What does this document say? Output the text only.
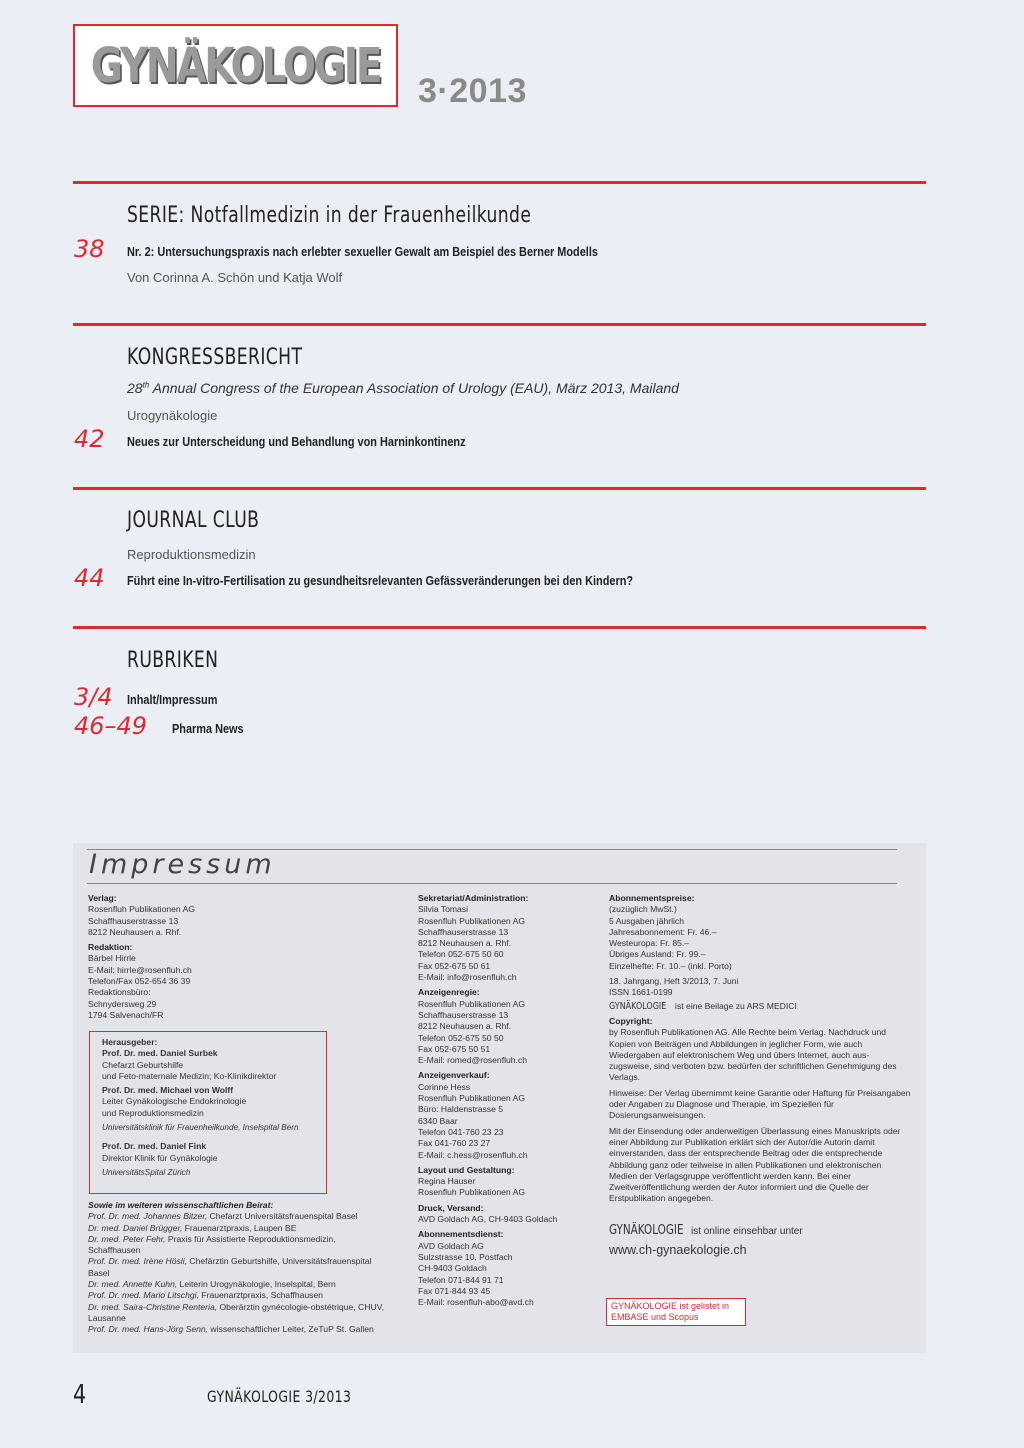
GYNÄKOLOGIE 3·2013
SERIE: Notfallmedizin in der Frauenheilkunde
38 Nr. 2: Untersuchungspraxis nach erlebter sexueller Gewalt am Beispiel des Berner Modells
Von Corinna A. Schön und Katja Wolf
KONGRESSBERICHT
28th Annual Congress of the European Association of Urology (EAU), März 2013, Mailand
Urogynäkologie
42 Neues zur Unterscheidung und Behandlung von Harninkontinenz
JOURNAL CLUB
Reproduktionsmedizin
44 Führt eine In-vitro-Fertilisation zu gesundheitsrelevanten Gefässveränderungen bei den Kindern?
RUBRIKEN
3/4 Inhalt/Impressum
46–49 Pharma News
Impressum
Verlag:
Rosenfluh Publikationen AG
Schaffhauserstrasse 13
8212 Neuhausen a. Rhf.
Redaktion:
Bärbel Hirrle
E-Mail: hirrle@rosenfluh.ch
Telefon/Fax 052-654 36 39
Redaktionsbüro:
Schnydersweg 29
1794 Salvenach/FR
Herausgeber:
Prof. Dr. med. Daniel Surbek
Chefarzt Geburtshilfe
und Feto-maternale Medizin; Ko-Klinikdirektor
Prof. Dr. med. Michael von Wolff
Leiter Gynäkologische Endokrinologie
und Reproduktionsmedizin
Universitätsklinik für Frauenheilkunde, Inselspital Bern
Prof. Dr. med. Daniel Fink
Direktor Klinik für Gynäkologie
UniversitätsSpital Zürich
Sowie im weiteren wissenschaftlichen Beirat:
Prof. Dr. med. Johannes Bitzer, Chefarzt Universitätsfrauenspital Basel
Dr. med. Daniel Brügger, Frauenarztpraxis, Laupen BE
Dr. med. Peter Fehr, Praxis für Assistierte Reproduktionsmedizin, Schaffhausen
Prof. Dr. med. Irène Hösli, Chefärztin Geburtshilfe, Universitätsfrauenspital Basel
Dr. med. Annette Kuhn, Leiterin Urogynäkologie, Inselspital, Bern
Prof. Dr. med. Mario Litschgi, Frauenarztpraxis, Schaffhausen
Dr. med. Saira-Christine Renteria, Oberärztin gynécologie-obstétrique, CHUV, Lausanne
Prof. Dr. med. Hans-Jörg Senn, wissenschaftlicher Leiter, ZeTuP St. Gallen
Sekretariat/Administration:
Silvia Tomasi
Rosenfluh Publikationen AG
Schaffhauserstrasse 13
8212 Neuhausen a. Rhf.
Telefon 052-675 50 60
Fax 052-675 50 61
E-Mail: info@rosenfluh.ch
Anzeigenregie:
Rosenfluh Publikationen AG
Schaffhauserstrasse 13
8212 Neuhausen a. Rhf.
Telefon 052-675 50 50
Fax 052-675 50 51
E-Mail: romed@rosenfluh.ch
Anzeigenverkauf:
Corinne Hess
Rosenfluh Publikationen AG
Büro: Haldenstrasse 5
6340 Baar
Telefon 041-760 23 23
Fax 041-760 23 27
E-Mail: c.hess@rosenfluh.ch
Layout und Gestaltung:
Regina Hauser
Rosenfluh Publikationen AG
Druck, Versand:
AVD Goldach AG, CH-9403 Goldach
Abonnementsdienst:
AVD Goldach AG
Sulzstrasse 10, Postfach
CH-9403 Goldach
Telefon 071-844 91 71
Fax 071-844 93 45
E-Mail: rosenfluh-abo@avd.ch
Abonnementspreise:
(zuzüglich MwSt.)
5 Ausgaben jährlich
Jahresabonnement: Fr. 46.–
Westeuropa: Fr. 85.–
Übriges Ausland: Fr. 99.–
Einzelhefte: Fr. 10.– (inkl. Porto)
18. Jahrgang, Heft 3/2013, 7. Juni
ISSN 1661-0199
GYNÄKOLOGIE ist eine Beilage zu ARS MEDICI
Copyright:
by Rosenfluh Publikationen AG. Alle Rechte beim Verlag. Nachdruck und Kopien von Beiträgen und Abbildungen in jeglicher Form, wie auch Wiedergaben auf elektronischem Weg und übers Internet, auch aus-zugsweise, sind verboten bzw. bedürfen der schriftlichen Genehmigung des Verlags.
Hinweise: Der Verlag übernimmt keine Garantie oder Haftung für Preisangaben oder Angaben zu Diagnose und Therapie, im Speziellen für Dosierungsanweisungen.
Mit der Einsendung oder anderweitigen Überlassung eines Manuskripts oder einer Abbildung zur Publikation erklärt sich der Autor/die Autorin damit einverstanden, dass der entsprechende Beitrag oder die entsprechende Abbildung ganz oder teilweise in allen Publikationen und elektronischen Medien der Verlagsgruppe veröffentlicht werden kann. Bei einer Zweitveröffentlichung werden der Autor informiert und die Quelle der Erstpublikation angegeben.
GYNÄKOLOGIE ist online einsehbar unter
www.ch-gynaekologie.ch
GYNÄKOLOGIE ist gelistet in EMBASE und Scopus
4	GYNÄKOLOGIE 3/2013
